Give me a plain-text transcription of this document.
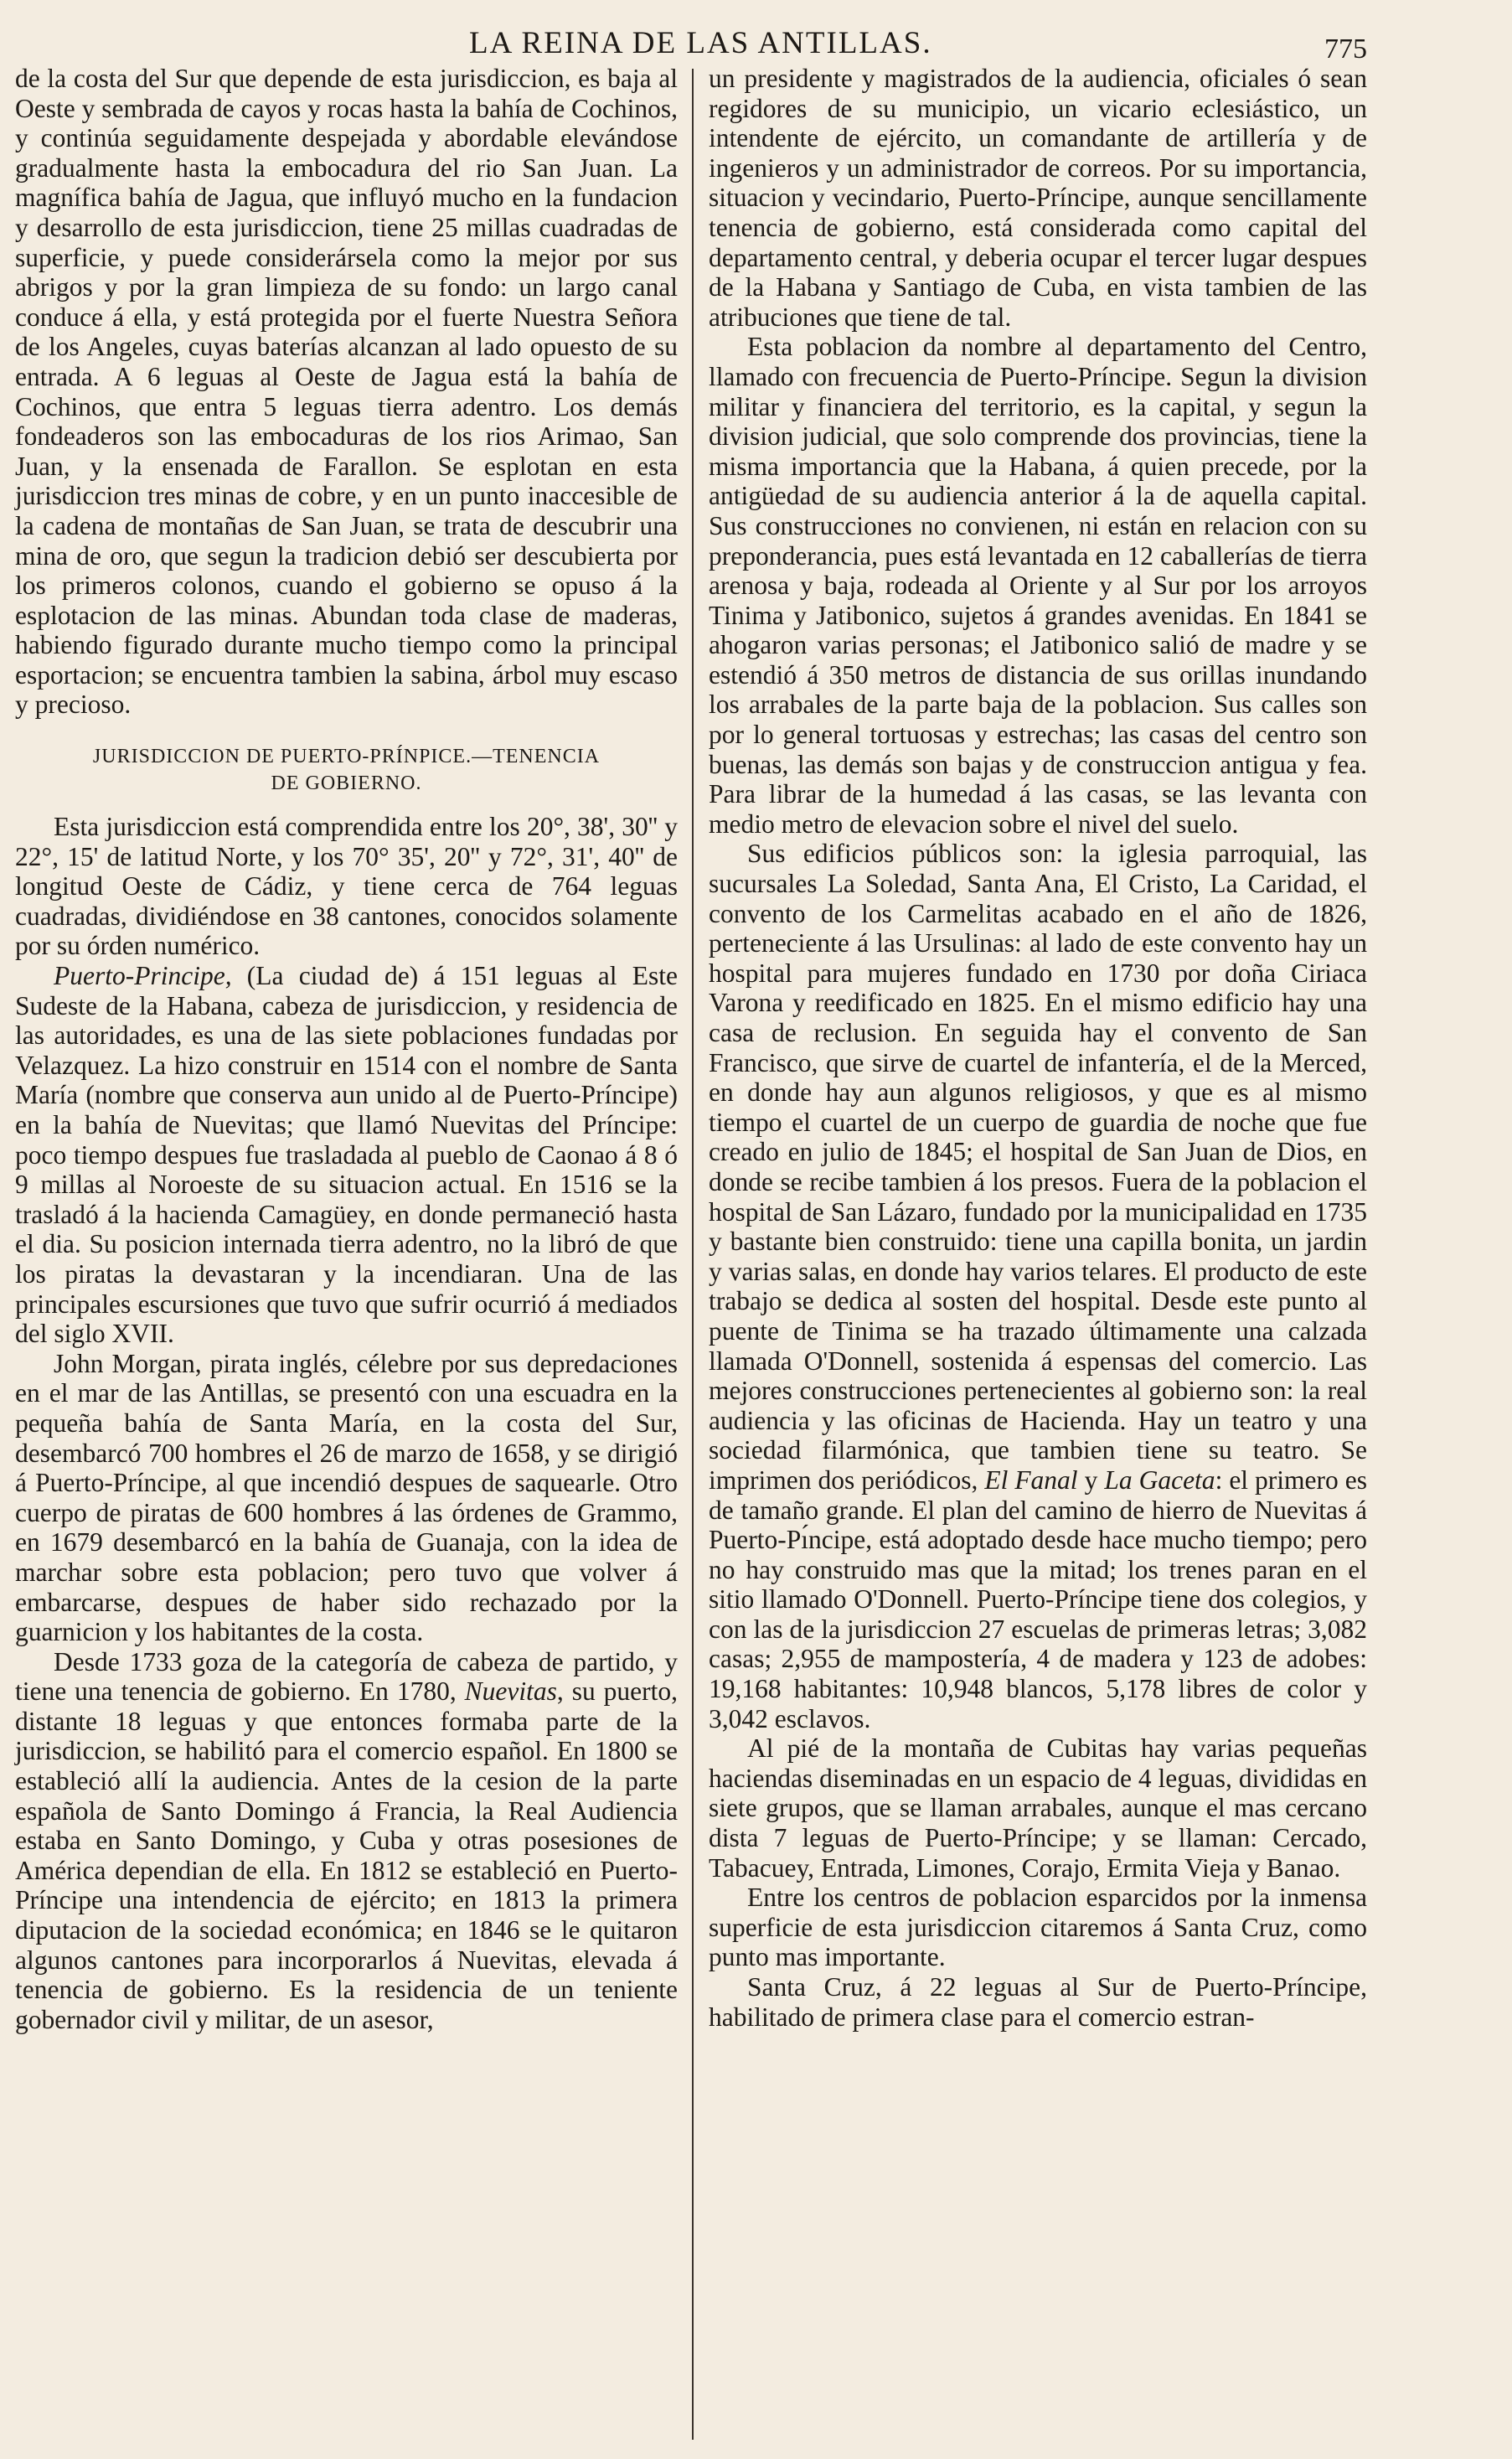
LA REINA DE LAS ANTILLAS.	775

de la costa del Sur que depende de esta jurisdiccion, es baja al Oeste y sembrada de cayos y rocas hasta la bahía de Cochinos, y continúa seguidamente despejada y abordable elevándose gradualmente hasta la embocadura del rio San Juan. La magnífica bahía de Jagua, que influyó mucho en la fundacion y desarrollo de esta jurisdiccion, tiene 25 millas cuadradas de superficie, y puede considerársela como la mejor por sus abrigos y por la gran limpieza de su fondo: un largo canal conduce á ella, y está protegida por el fuerte Nuestra Señora de los Angeles, cuyas baterías alcanzan al lado opuesto de su entrada. A 6 leguas al Oeste de Jagua está la bahía de Cochinos, que entra 5 leguas tierra adentro. Los demás fondeaderos son las embocaduras de los rios Arimao, San Juan, y la ensenada de Farallon. Se esplotan en esta jurisdiccion tres minas de cobre, y en un punto inaccesible de la cadena de montañas de San Juan, se trata de descubrir una mina de oro, que segun la tradicion debió ser descubierta por los primeros colonos, cuando el gobierno se opuso á la esplotacion de las minas. Abundan toda clase de maderas, habiendo figurado durante mucho tiempo como la principal esportacion; se encuentra tambien la sabina, árbol muy escaso y precioso.

JURISDICCION DE PUERTO-PRÍNPICE.—TENENCIA
DE GOBIERNO.

Esta jurisdiccion está comprendida entre los 20°, 38', 30'' y 22°, 15' de latitud Norte, y los 70° 35', 20'' y 72°, 31', 40'' de longitud Oeste de Cádiz, y tiene cerca de 764 leguas cuadradas, dividiéndose en 38 cantones, conocidos solamente por su órden numérico.

Puerto-Principe, (La ciudad de) á 151 leguas al Este Sudeste de la Habana, cabeza de jurisdiccion, y residencia de las autoridades, es una de las siete poblaciones fundadas por Velazquez. La hizo construir en 1514 con el nombre de Santa María (nombre que conserva aun unido al de Puerto-Príncipe) en la bahía de Nuevitas; que llamó Nuevitas del Príncipe: poco tiempo despues fue trasladada al pueblo de Caonao á 8 ó 9 millas al Noroeste de su situacion actual. En 1516 se la trasladó á la hacienda Camagüey, en donde permaneció hasta el dia. Su posicion internada tierra adentro, no la libró de que los piratas la devastaran y la incendiaran. Una de las principales escursiones que tuvo que sufrir ocurrió á mediados del siglo XVII.

John Morgan, pirata inglés, célebre por sus depredaciones en el mar de las Antillas, se presentó con una escuadra en la pequeña bahía de Santa María, en la costa del Sur, desembarcó 700 hombres el 26 de marzo de 1658, y se dirigió á Puerto-Príncipe, al que incendió despues de saquearle. Otro cuerpo de piratas de 600 hombres á las órdenes de Grammo, en 1679 desembarcó en la bahía de Guanaja, con la idea de marchar sobre esta poblacion; pero tuvo que volver á embarcarse, despues de haber sido rechazado por la guarnicion y los habitantes de la costa.

Desde 1733 goza de la categoría de cabeza de partido, y tiene una tenencia de gobierno. En 1780, Nuevitas, su puerto, distante 18 leguas y que entonces formaba parte de la jurisdiccion, se habilitó para el comercio español. En 1800 se estableció allí la audiencia. Antes de la cesion de la parte española de Santo Domingo á Francia, la Real Audiencia estaba en Santo Domingo, y Cuba y otras posesiones de América dependian de ella. En 1812 se estableció en Puerto-Príncipe una intendencia de ejército; en 1813 la primera diputacion de la sociedad económica; en 1846 se le quitaron algunos cantones para incorporarlos á Nuevitas, elevada á tenencia de gobierno. Es la residencia de un teniente gobernador civil y militar, de un asesor,

un presidente y magistrados de la audiencia, oficiales ó sean regidores de su municipio, un vicario eclesiástico, un intendente de ejército, un comandante de artillería y de ingenieros y un administrador de correos. Por su importancia, situacion y vecindario, Puerto-Príncipe, aunque sencillamente tenencia de gobierno, está considerada como capital del departamento central, y deberia ocupar el tercer lugar despues de la Habana y Santiago de Cuba, en vista tambien de las atribuciones que tiene de tal.

Esta poblacion da nombre al departamento del Centro, llamado con frecuencia de Puerto-Príncipe. Segun la division militar y financiera del territorio, es la capital, y segun la division judicial, que solo comprende dos provincias, tiene la misma importancia que la Habana, á quien precede, por la antigüedad de su audiencia anterior á la de aquella capital. Sus construcciones no convienen, ni están en relacion con su preponderancia, pues está levantada en 12 caballerías de tierra arenosa y baja, rodeada al Oriente y al Sur por los arroyos Tinima y Jatibonico, sujetos á grandes avenidas. En 1841 se ahogaron varias personas; el Jatibonico salió de madre y se estendió á 350 metros de distancia de sus orillas inundando los arrabales de la parte baja de la poblacion. Sus calles son por lo general tortuosas y estrechas; las casas del centro son buenas, las demás son bajas y de construccion antigua y fea. Para librar de la humedad á las casas, se las levanta con medio metro de elevacion sobre el nivel del suelo.

Sus edificios públicos son: la iglesia parroquial, las sucursales La Soledad, Santa Ana, El Cristo, La Caridad, el convento de los Carmelitas acabado en el año de 1826, perteneciente á las Ursulinas: al lado de este convento hay un hospital para mujeres fundado en 1730 por doña Ciriaca Varona y reedificado en 1825. En el mismo edificio hay una casa de reclusion. En seguida hay el convento de San Francisco, que sirve de cuartel de infantería, el de la Merced, en donde hay aun algunos religiosos, y que es al mismo tiempo el cuartel de un cuerpo de guardia de noche que fue creado en julio de 1845; el hospital de San Juan de Dios, en donde se recibe tambien á los presos. Fuera de la poblacion el hospital de San Lázaro, fundado por la municipalidad en 1735 y bastante bien construido: tiene una capilla bonita, un jardin y varias salas, en donde hay varios telares. El producto de este trabajo se dedica al sosten del hospital. Desde este punto al puente de Tinima se ha trazado últimamente una calzada llamada O'Donnell, sostenida á espensas del comercio. Las mejores construcciones pertenecientes al gobierno son: la real audiencia y las oficinas de Hacienda. Hay un teatro y una sociedad filarmónica, que tambien tiene su teatro. Se imprimen dos periódicos, El Fanal y La Gaceta: el primero es de tamaño grande. El plan del camino de hierro de Nuevitas á Puerto-Pı́ncipe, está adoptado desde hace mucho tiempo; pero no hay construido mas que la mitad; los trenes paran en el sitio llamado O'Donnell. Puerto-Príncipe tiene dos colegios, y con las de la jurisdiccion 27 escuelas de primeras letras; 3,082 casas; 2,955 de mampostería, 4 de madera y 123 de adobes: 19,168 habitantes: 10,948 blancos, 5,178 libres de color y 3,042 esclavos.

Al pié de la montaña de Cubitas hay varias pequeñas haciendas diseminadas en un espacio de 4 leguas, divididas en siete grupos, que se llaman arrabales, aunque el mas cercano dista 7 leguas de Puerto-Príncipe; y se llaman: Cercado, Tabacuey, Entrada, Limones, Corajo, Ermita Vieja y Banao.

Entre los centros de poblacion esparcidos por la inmensa superficie de esta jurisdiccion citaremos á Santa Cruz, como punto mas importante.

Santa Cruz, á 22 leguas al Sur de Puerto-Príncipe, habilitado de primera clase para el comercio estran-
